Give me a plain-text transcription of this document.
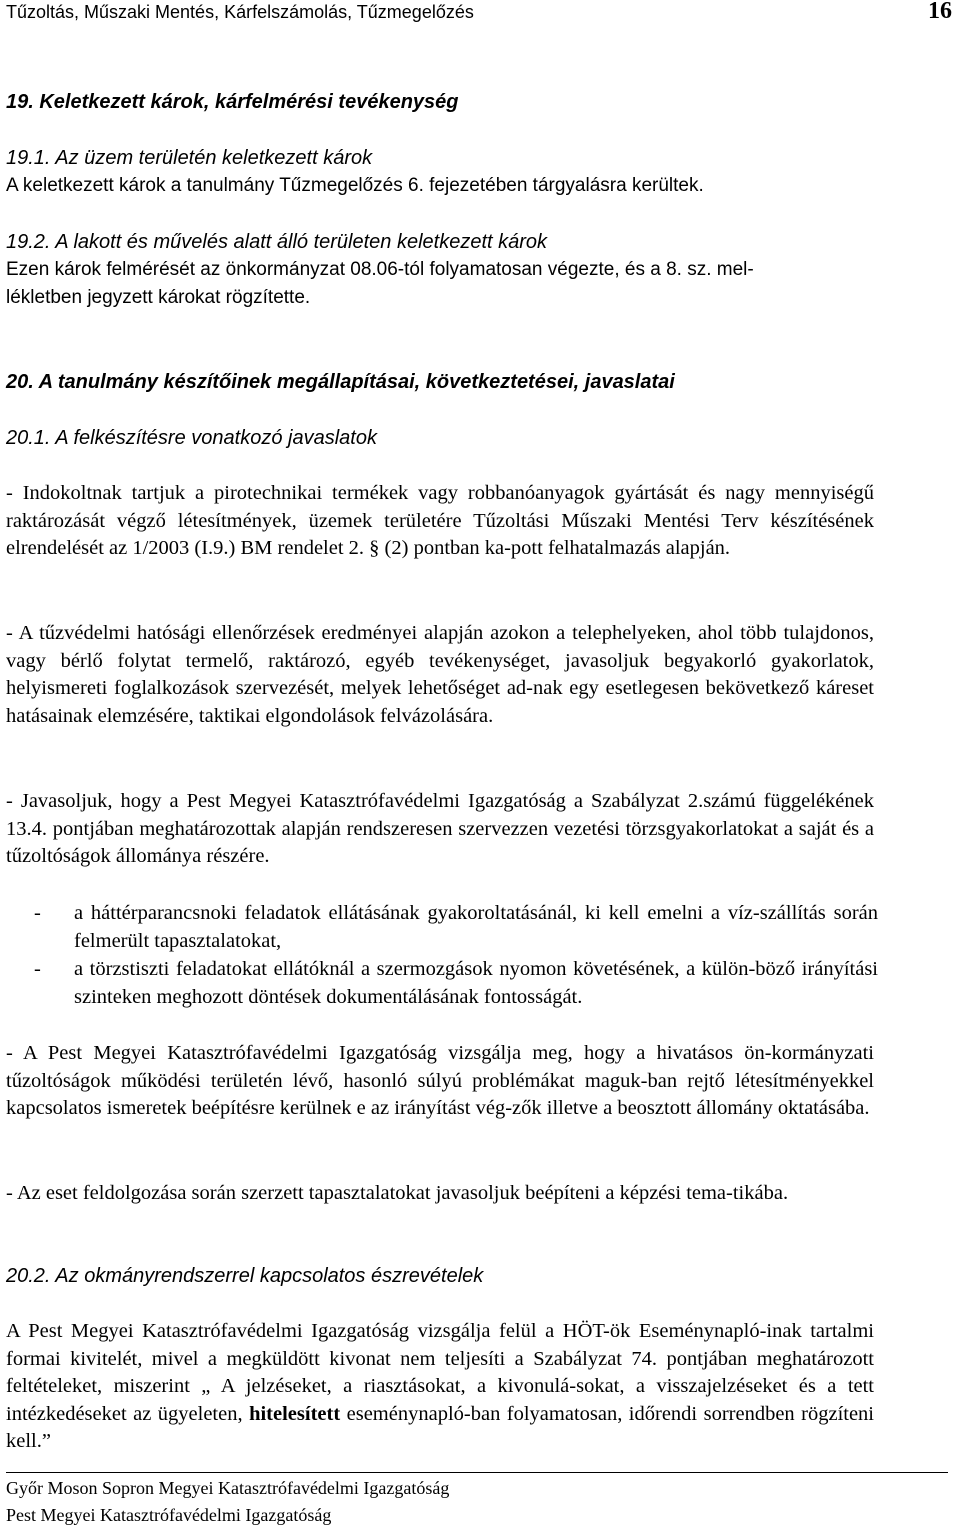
Tűzoltás, Műszaki Mentés, Kárfelszámolás, Tűzmegelőzés	16
19. Keletkezett károk, kárfelmérési tevékenység
19.1. Az üzem területén keletkezett károk
A keletkezett károk a tanulmány Tűzmegelőzés 6. fejezetében tárgyalásra kerültek.
19.2. A lakott és művelés alatt álló területen keletkezett károk
Ezen károk felmérését az önkormányzat 08.06-tól folyamatosan végezte, és a 8. sz. mel-
lékletben jegyzett károkat rögzítette.
20. A tanulmány készítőinek megállapításai, következtetései, javaslatai
20.1. A felkészítésre vonatkozó javaslatok
- Indokoltnak tartjuk a pirotechnikai termékek vagy robbanóanyagok gyártását és nagy mennyiségű raktározását végző létesítmények, üzemek területére Tűzoltási Műszaki Mentési Terv készítésének elrendelését az 1/2003 (I.9.) BM rendelet 2. § (2) pontban ka-pott felhatalmazás alapján.
- A tűzvédelmi hatósági ellenőrzések eredményei alapján azokon a telephelyeken, ahol több tulajdonos, vagy bérlő folytat termelő, raktározó, egyéb tevékenységet, javasoljuk begyakorló gyakorlatok, helyismereti foglalkozások szervezését, melyek lehetőséget ad-nak egy esetlegesen bekövetkező káreset hatásainak elemzésére, taktikai elgondolások felvázolására.
- Javasoljuk, hogy a Pest Megyei Katasztrófavédelmi Igazgatóság a Szabályzat 2.számú függelékének 13.4. pontjában meghatározottak alapján rendszeresen szervezzen vezetési törzsgyakorlatokat a saját és a tűzoltóságok állománya részére.
- a háttérparancsnoki feladatok ellátásának gyakoroltatásánál, ki kell emelni a víz-szállítás során felmerült tapasztalatokat,
- a törzstiszti feladatokat ellátóknál a szermozgások nyomon követésének, a külön-böző irányítási szinteken meghozott döntések dokumentálásának fontosságát.
- A Pest Megyei Katasztrófavédelmi Igazgatóság vizsgálja meg, hogy a hivatásos ön-kormányzati tűzoltóságok működési területén lévő, hasonló súlyú problémákat maguk-ban rejtő létesítményekkel kapcsolatos ismeretek beépítésre kerülnek e az irányítást vég-zők illetve a beosztott állomány oktatásába.
- Az eset feldolgozása során szerzett tapasztalatokat javasoljuk beépíteni a képzési tema-tikába.
20.2. Az okmányrendszerrel kapcsolatos észrevételek
A Pest Megyei Katasztrófavédelmi Igazgatóság vizsgálja felül a HÖT-ök Eseménynapló-inak tartalmi formai kivitelét, mivel a megküldött kivonat nem teljesíti a Szabályzat 74. pontjában meghatározott feltételeket, miszerint „ A jelzéseket, a riasztásokat, a kivonulá-sokat, a visszajelzéseket és a tett intézkedéseket az ügyeleten, hitelesített eseménynapló-ban folyamatosan, időrendi sorrendben rögzíteni kell.”
Győr Moson Sopron Megyei Katasztrófavédelmi Igazgatóság
Pest Megyei Katasztrófavédelmi Igazgatóság
